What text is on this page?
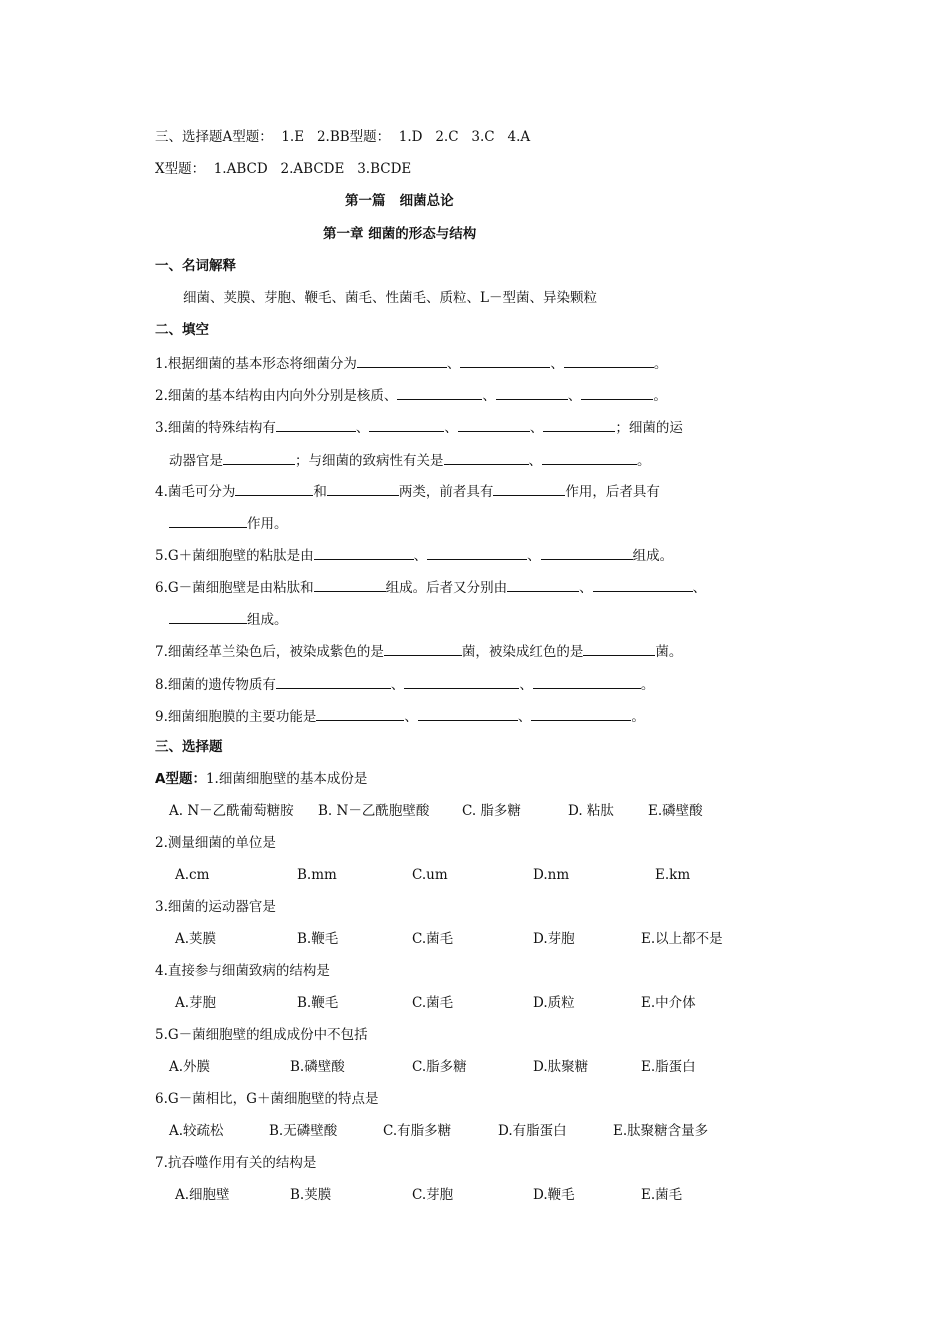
三、选择题A型题：  1.E   2.BB型题：  1.D   2.C   3.C   4.A
X型题：  1.ABCD   2.ABCDE   3.BCDE
第一篇   细菌总论
第一章 细菌的形态与结构
一、名词解释
细菌、荚膜、芽胞、鞭毛、菌毛、性菌毛、质粒、L－型菌、异染颗粒
二、填空
1.根据细菌的基本形态将细菌分为	、	、	。
2.细菌的基本结构由内向外分别是核质、	、	、	。
3.细菌的特殊结构有	、	、	、	；细菌的运
动器官是	；与细菌的致病性有关是	、	。
4.菌毛可分为	和	两类，前者具有	作用，后者具有
作用。
5.G＋菌细胞壁的粘肽是由	、	、	组成。
6.G－菌细胞壁是由粘肽和	组成。后者又分别由	、	、
组成。
7.细菌经革兰染色后，被染成紫色的是	菌，被染成红色的是	菌。
8.细菌的遗传物质有	、	、	。
9.细菌细胞膜的主要功能是	、	、	。
三、选择题
A型题：1.细菌细胞壁的基本成份是
A. N－乙酰葡萄糖胺 B. N－乙酰胞壁酸 C. 脂多糖	D. 粘肽	E.磷壁酸
2.测量细菌的单位是
A.cm	B.mm	C.um	D.nm	E.km
3.细菌的运动器官是
A.荚膜	B.鞭毛	C.菌毛	D.芽胞	E.以上都不是
4.直接参与细菌致病的结构是
A.芽胞	B.鞭毛	C.菌毛	D.质粒	E.中介体
5.G－菌细胞壁的组成成份中不包括
A.外膜	B.磷壁酸	C.脂多糖	D.肽聚糖	E.脂蛋白
6.G－菌相比，G＋菌细胞壁的特点是
A.较疏松	B.无磷壁酸	C.有脂多糖	D.有脂蛋白	E.肽聚糖含量多
7.抗吞噬作用有关的结构是
A.细胞壁	B.荚膜	C.芽胞	D.鞭毛	E.菌毛
